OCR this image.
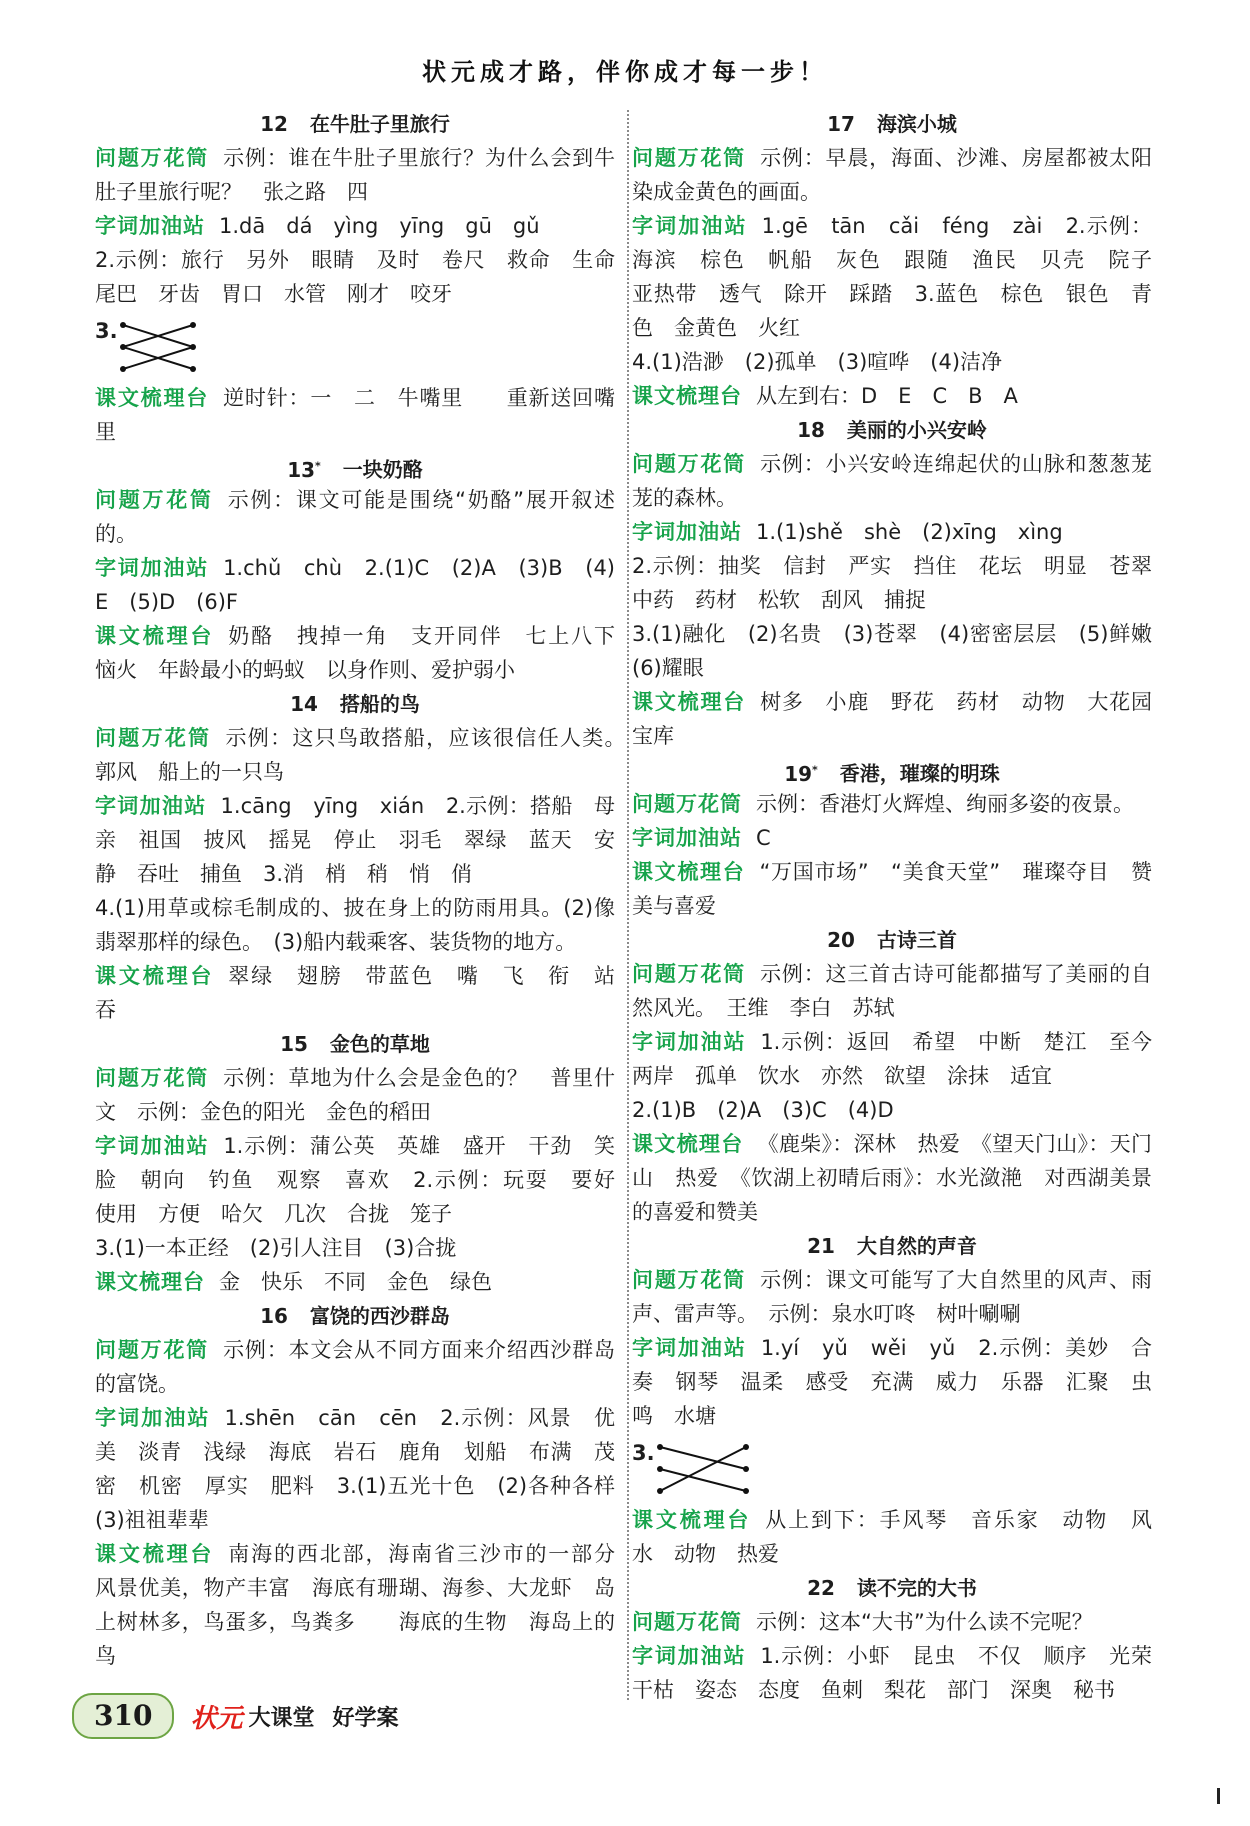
状元成才路，伴你成才每一步！
12 在牛肚子里旅行

问题万花筒 示例：谁在牛肚子里旅行？为什么会到牛肚子里旅行呢？　张之路　四

字词加油站 1.dā　dá　yìng　yīng　gū　gǔ

2.示例：旅行　另外　眼睛　及时　卷尺　救命　生命　尾巴　牙齿　胃口　水管　刚才　咬牙

3.

课文梳理台 逆时针：一　二　牛嘴里　　重新送回嘴里

13* 一块奶酪

问题万花筒 示例：课文可能是围绕“奶酪”展开叙述的。

字词加油站 1.chǔ　chù　2.(1)C　(2)A　(3)B　(4)E　(5)D　(6)F

课文梳理台 奶酪　拽掉一角　支开同伴　七上八下　恼火　年龄最小的蚂蚁　以身作则、爱护弱小

14 搭船的鸟

问题万花筒 示例：这只鸟敢搭船，应该很信任人类。　郭风　船上的一只鸟

字词加油站 1.cāng　yīng　xián　2.示例：搭船　母亲　祖国　披风　摇晃　停止　羽毛　翠绿　蓝天　安静　吞吐　捕鱼　3.消　梢　稍　悄　俏

4.(1)用草或棕毛制成的、披在身上的防雨用具。(2)像翡翠那样的绿色。　(3)船内载乘客、装货物的地方。

课文梳理台 翠绿　翅膀　带蓝色　嘴　飞　衔　站　吞

15 金色的草地

问题万花筒 示例：草地为什么会是金色的？　普里什文　示例：金色的阳光　金色的稻田

字词加油站 1.示例：蒲公英　英雄　盛开　干劲　笑脸　朝向　钓鱼　观察　喜欢　2.示例：玩耍　要好　使用　方便　哈欠　几次　合拢　笼子

3.(1)一本正经　(2)引人注目　(3)合拢

课文梳理台 金　快乐　不同　金色　绿色

16 富饶的西沙群岛

问题万花筒 示例：本文会从不同方面来介绍西沙群岛的富饶。

字词加油站 1.shēn　cān　cēn　2.示例：风景　优美　淡青　浅绿　海底　岩石　鹿角　划船　布满　茂密　机密　厚实　肥料　3.(1)五光十色　(2)各种各样　(3)祖祖辈辈

课文梳理台 南海的西北部，海南省三沙市的一部分　风景优美，物产丰富　海底有珊瑚、海参、大龙虾　岛上树林多，鸟蛋多，鸟粪多　　海底的生物　海岛上的鸟

17 海滨小城

问题万花筒 示例：早晨，海面、沙滩、房屋都被太阳染成金黄色的画面。

字词加油站 1.gē　tān　cǎi　féng　zài　2.示例：海滨　棕色　帆船　灰色　跟随　渔民　贝壳　院子　亚热带　透气　除开　踩踏　3.蓝色　棕色　银色　青色　金黄色　火红

4.(1)浩渺　(2)孤单　(3)喧哗　(4)洁净

课文梳理台 从左到右：D　E　C　B　A

18 美丽的小兴安岭

问题万花筒 示例：小兴安岭连绵起伏的山脉和葱葱茏茏的森林。

字词加油站 1.(1)shě　shè　(2)xīng　xìng

2.示例：抽奖　信封　严实　挡住　花坛　明显　苍翠　中药　药材　松软　刮风　捕捉

3.(1)融化　(2)名贵　(3)苍翠　(4)密密层层　(5)鲜嫩　(6)耀眼

课文梳理台 树多　小鹿　野花　药材　动物　大花园　宝库

19* 香港，璀璨的明珠

问题万花筒 示例：香港灯火辉煌、绚丽多姿的夜景。

字词加油站 C

课文梳理台 “万国市场”　“美食天堂”　璀璨夺目　赞美与喜爱

20 古诗三首

问题万花筒 示例：这三首古诗可能都描写了美丽的自然风光。　王维　李白　苏轼

字词加油站 1.示例：返回　希望　中断　楚江　至今　两岸　孤单　饮水　亦然　欲望　涂抹　适宜

2.(1)B　(2)A　(3)C　(4)D

课文梳理台 《鹿柴》：深林　热爱　《望天门山》：天门山　热爱　《饮湖上初晴后雨》：水光潋滟　对西湖美景的喜爱和赞美

21 大自然的声音

问题万花筒 示例：课文可能写了大自然里的风声、雨声、雷声等。　示例：泉水叮咚　树叶唰唰

字词加油站 1.yí　yǔ　wěi　yǔ　2.示例：美妙　合奏　钢琴　温柔　感受　充满　威力　乐器　汇聚　虫鸣　水塘

3.

课文梳理台 从上到下：手风琴　音乐家　动物　风　水　动物　热爱

22 读不完的大书

问题万花筒 示例：这本“大书”为什么读不完呢？

字词加油站 1.示例：小虾　昆虫　不仅　顺序　光荣　干枯　姿态　态度　鱼刺　梨花　部门　深奥　秘书

310	状元 大课堂 好学案
